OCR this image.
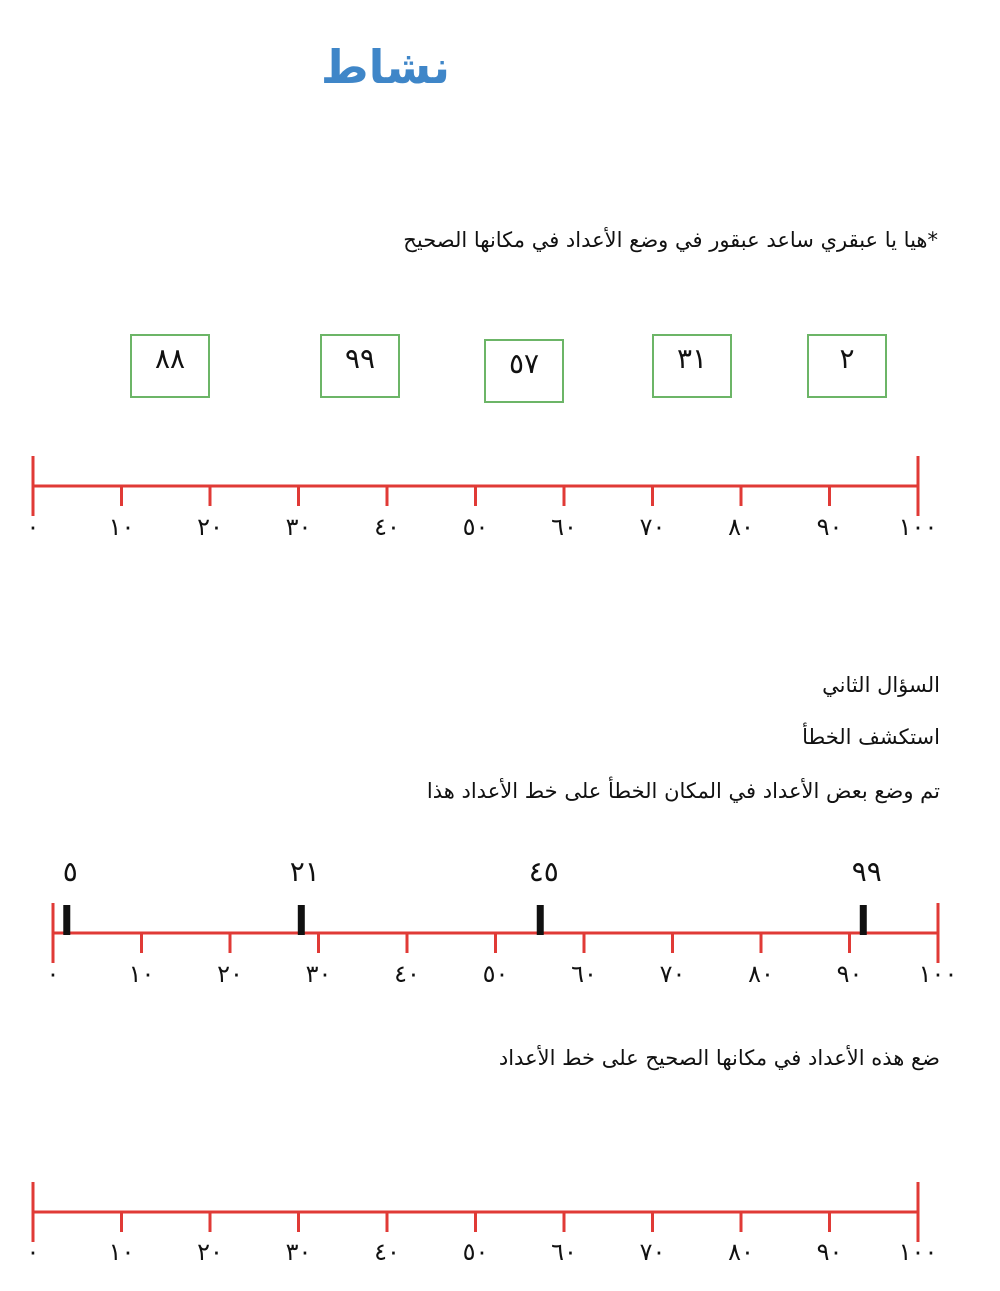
نشاط
*هيا يا عبقري ساعد عبقور في وضع الأعداد في مكانها الصحيح
٨٨	٩٩	٥٧	٣١	٢
٠	١٠	٢٠	٣٠	٤٠	٥٠	٦٠	٧٠	٨٠	٩٠ ١٠٠
السؤال الثاني
استكشف الخطأ
تم وضع بعض الأعداد في المكان الخطأ على خط الأعداد هذا
٠	١٠	٢٠	٣٠	٤٠	٥٠	٦٠	٧٠	٨٠	٩٠ ١٠٠
٥	٢١	٤٥	٩٩
ضع هذه الأعداد في مكانها الصحيح على خط الأعداد
٠	١٠	٢٠	٣٠	٤٠	٥٠	٦٠	٧٠	٨٠	٩٠ ١٠٠
